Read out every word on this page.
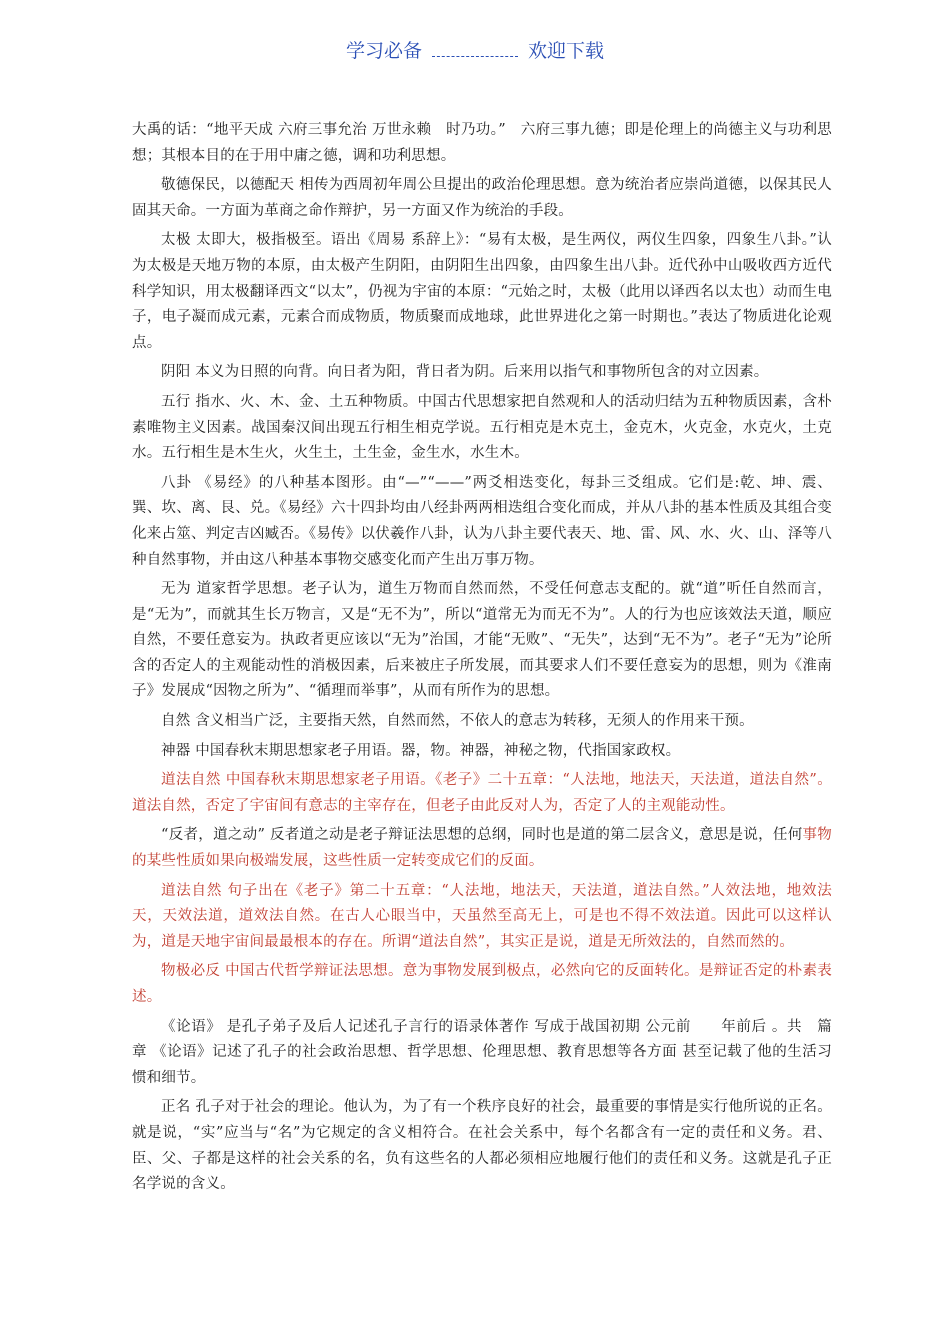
学习必备	欢迎下载

大禹的话：“地平天成 六府三事允治 万世永赖　时乃功。”　六府三事九德；即是伦理上的尚德主义与功利思想；其根本目的在于用中庸之德，调和功利思想。

敬德保民，以德配天 相传为西周初年周公旦提出的政治伦理思想。意为统治者应崇尚道德，以保其民人固其天命。一方面为革商之命作辩护，另一方面又作为统治的手段。

太极 太即大，极指极至。语出《周易 系辞上》：“易有太极，是生两仪，两仪生四象，四象生八卦。”认为太极是天地万物的本原，由太极产生阴阳，由阴阳生出四象，由四象生出八卦。近代孙中山吸收西方近代科学知识，用太极翻译西文“以太”，仍视为宇宙的本原：“元始之时，太极（此用以译西名以太也）动而生电子，电子凝而成元素，元素合而成物质，物质聚而成地球，此世界进化之第一时期也。”表达了物质进化论观点。

阴阳 本义为日照的向背。向日者为阳，背日者为阴。后来用以指气和事物所包含的对立因素。

五行 指水、火、木、金、土五种物质。中国古代思想家把自然观和人的活动归结为五种物质因素，含朴素唯物主义因素。战国秦汉间出现五行相生相克学说。五行相克是木克土，金克木，火克金，水克火，土克水。五行相生是木生火，火生土，土生金，金生水，水生木。

八卦 《易经》的八种基本图形。由“—”“——”两爻相迭变化，每卦三爻组成。它们是:乾、坤、震、巽、坎、离、艮、兑。《易经》六十四卦均由八经卦两两相迭组合变化而成，并从八卦的基本性质及其组合变化来占筮、判定吉凶臧否。《易传》以伏羲作八卦，认为八卦主要代表天、地、雷、风、水、火、山、泽等八种自然事物，并由这八种基本事物交感变化而产生出万事万物。

无为 道家哲学思想。老子认为，道生万物而自然而然，不受任何意志支配的。就“道”听任自然而言，是“无为”，而就其生长万物言，又是“无不为”，所以“道常无为而无不为”。人的行为也应该效法天道，顺应自然，不要任意妄为。执政者更应该以“无为”治国，才能“无败”、“无失”，达到“无不为”。老子“无为”论所含的否定人的主观能动性的消极因素，后来被庄子所发展，而其要求人们不要任意妄为的思想，则为《淮南子》发展成“因物之所为”、“循理而举事”，从而有所作为的思想。

自然 含义相当广泛，主要指天然，自然而然，不依人的意志为转移，无须人的作用来干预。

神器 中国春秋末期思想家老子用语。器，物。神器，神秘之物，代指国家政权。

道法自然 中国春秋末期思想家老子用语。《老子》二十五章：“人法地，地法天，天法道，道法自然”。道法自然，否定了宇宙间有意志的主宰存在，但老子由此反对人为，否定了人的主观能动性。

“反者，道之动” 反者道之动是老子辩证法思想的总纲，同时也是道的第二层含义，意思是说，任何事物的某些性质如果向极端发展，这些性质一定转变成它们的反面。

道法自然 句子出在《老子》第二十五章：“人法地，地法天，天法道，道法自然。”人效法地，地效法天，天效法道，道效法自然。在古人心眼当中，天虽然至高无上，可是也不得不效法道。因此可以这样认为，道是天地宇宙间最最根本的存在。所谓“道法自然”，其实正是说，道是无所效法的，自然而然的。

物极必反 中国古代哲学辩证法思想。意为事物发展到极点，必然向它的反面转化。是辩证否定的朴素表述。

《论语》 是孔子弟子及后人记述孔子言行的语录体著作 写成于战国初期 公元前　　年前后 。共　篇　　章 《论语》记述了孔子的社会政治思想、哲学思想、伦理思想、教育思想等各方面 甚至记载了他的生活习惯和细节。

正名 孔子对于社会的理论。他认为，为了有一个秩序良好的社会，最重要的事情是实行他所说的正名。就是说，“实”应当与“名”为它规定的含义相符合。在社会关系中，每个名都含有一定的责任和义务。君、臣、父、子都是这样的社会关系的名，负有这些名的人都必须相应地履行他们的责任和义务。这就是孔子正名学说的含义。
